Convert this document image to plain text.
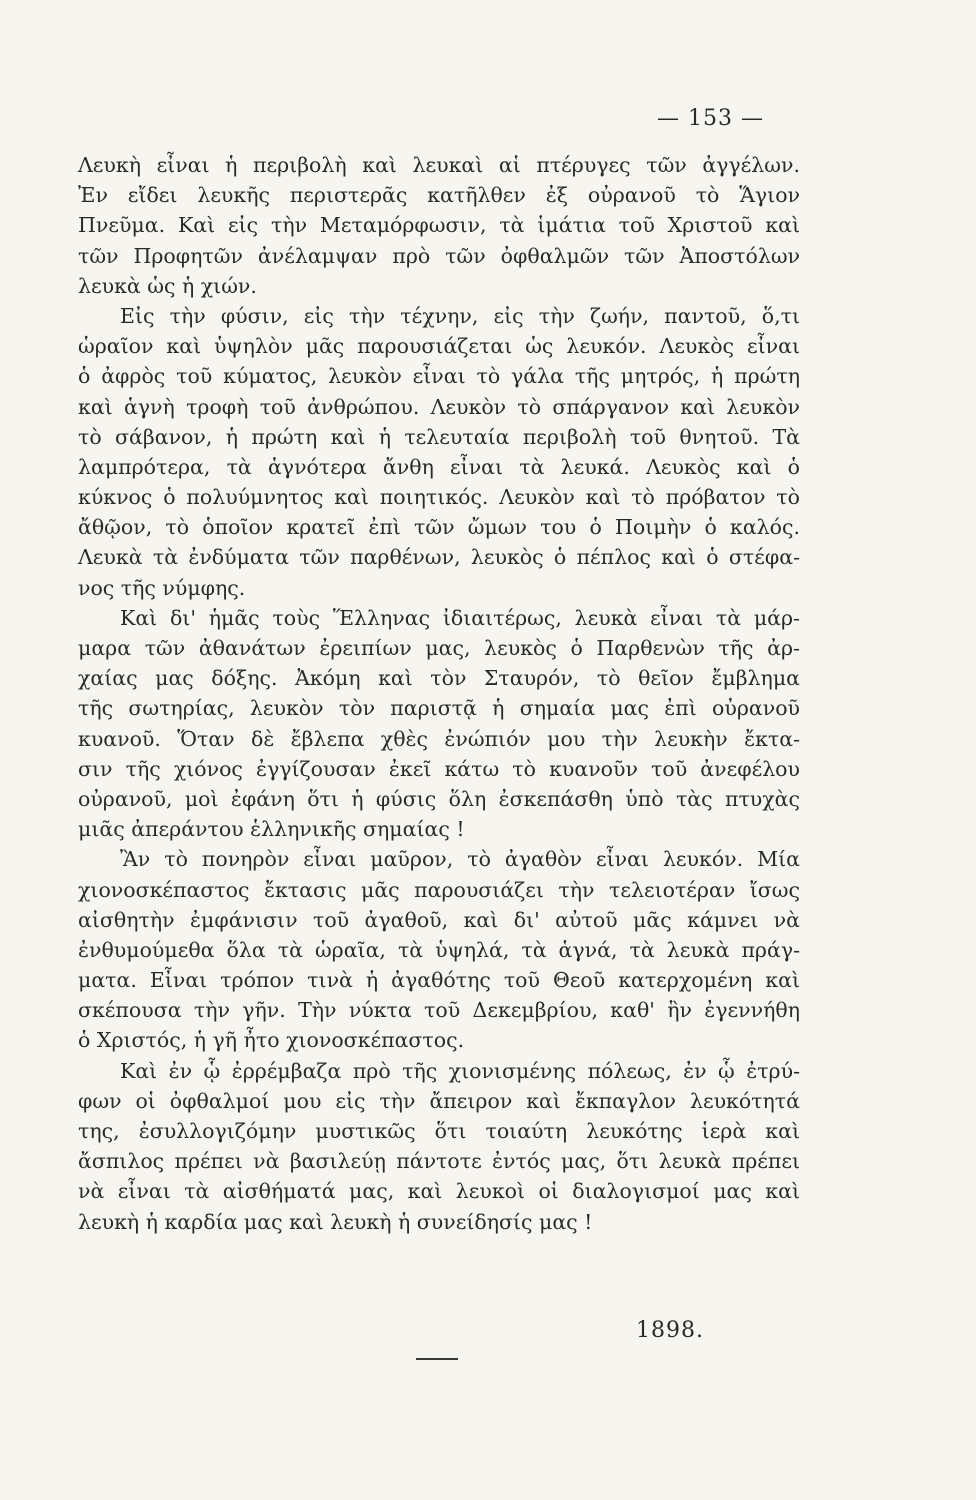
— 153 —
Λευκὴ εἶναι ἡ περιβολὴ καὶ λευκαὶ αἱ πτέρυγες τῶν ἀγγέλων.
Ἐν εἴδει λευκῆς περιστερᾶς κατῆλθεν ἐξ οὐρανοῦ τὸ Ἅγιον
Πνεῦμα. Καὶ εἰς τὴν Μεταμόρφωσιν, τὰ ἱμάτια τοῦ Χριστοῦ καὶ
τῶν Προφητῶν ἀνέλαμψαν πρὸ τῶν ὀφθαλμῶν τῶν Ἀποστόλων
λευκὰ ὡς ἡ χιών.
Εἰς τὴν φύσιν, εἰς τὴν τέχνην, εἰς τὴν ζωήν, παντοῦ, ὅ,τι
ὡραῖον καὶ ὑψηλὸν μᾶς παρουσιάζεται ὡς λευκόν. Λευκὸς εἶναι
ὁ ἀφρὸς τοῦ κύματος, λευκὸν εἶναι τὸ γάλα τῆς μητρός, ἡ πρώτη
καὶ ἁγνὴ τροφὴ τοῦ ἀνθρώπου. Λευκὸν τὸ σπάργανον καὶ λευκὸν
τὸ σάβανον, ἡ πρώτη καὶ ἡ τελευταία περιβολὴ τοῦ θνητοῦ. Τὰ
λαμπρότερα, τὰ ἁγνότερα ἄνθη εἶναι τὰ λευκά. Λευκὸς καὶ ὁ
κύκνος ὁ πολυύμνητος καὶ ποιητικός. Λευκὸν καὶ τὸ πρόβατον τὸ
ἄθῷον, τὸ ὁποῖον κρατεῖ ἐπὶ τῶν ὤμων του ὁ Ποιμὴν ὁ καλός.
Λευκὰ τὰ ἐνδύματα τῶν παρθένων, λευκὸς ὁ πέπλος καὶ ὁ στέφα-
νος τῆς νύμφης.
Καὶ δι' ἡμᾶς τοὺς Ἕλληνας ἰδιαιτέρως, λευκὰ εἶναι τὰ μάρ-
μαρα τῶν ἀθανάτων ἐρειπίων μας, λευκὸς ὁ Παρθενὼν τῆς ἀρ-
χαίας μας δόξης. Ἀκόμη καὶ τὸν Σταυρόν, τὸ θεῖον ἔμβλημα
τῆς σωτηρίας, λευκὸν τὸν παριστᾷ ἡ σημαία μας ἐπὶ οὐρανοῦ
κυανοῦ. Ὅταν δὲ ἔβλεπα χθὲς ἐνώπιόν μου τὴν λευκὴν ἔκτα-
σιν τῆς χιόνος ἐγγίζουσαν ἐκεῖ κάτω τὸ κυανοῦν τοῦ ἀνεφέλου
οὐρανοῦ, μοὶ ἐφάνη ὅτι ἡ φύσις ὅλη ἐσκεπάσθη ὑπὸ τὰς πτυχὰς
μιᾶς ἀπεράντου ἑλληνικῆς σημαίας !
Ἂν τὸ πονηρὸν εἶναι μαῦρον, τὸ ἀγαθὸν εἶναι λευκόν. Μία
χιονοσκέπαστος ἔκτασις μᾶς παρουσιάζει τὴν τελειοτέραν ἴσως
αἰσθητὴν ἐμφάνισιν τοῦ ἀγαθοῦ, καὶ δι' αὐτοῦ μᾶς κάμνει νὰ
ἐνθυμούμεθα ὅλα τὰ ὡραῖα, τὰ ὑψηλά, τὰ ἁγνά, τὰ λευκὰ πράγ-
ματα. Εἶναι τρόπον τινὰ ἡ ἀγαθότης τοῦ Θεοῦ κατερχομένη καὶ
σκέπουσα τὴν γῆν. Τὴν νύκτα τοῦ Δεκεμβρίου, καθ' ἣν ἐγεννήθη
ὁ Χριστός, ἡ γῆ ἦτο χιονοσκέπαστος.
Καὶ ἐν ᾧ ἐρρέμβαζα πρὸ τῆς χιονισμένης πόλεως, ἐν ᾧ ἐτρύ-
φων οἱ ὀφθαλμοί μου εἰς τὴν ἄπειρον καὶ ἔκπαγλον λευκότητά
της, ἐσυλλογιζόμην μυστικῶς ὅτι τοιαύτη λευκότης ἱερὰ καὶ
ἄσπιλος πρέπει νὰ βασιλεύῃ πάντοτε ἐντός μας, ὅτι λευκὰ πρέπει
νὰ εἶναι τὰ αἰσθήματά μας, καὶ λευκοὶ οἱ διαλογισμοί μας καὶ
λευκὴ ἡ καρδία μας καὶ λευκὴ ἡ συνείδησίς μας !
1898.
